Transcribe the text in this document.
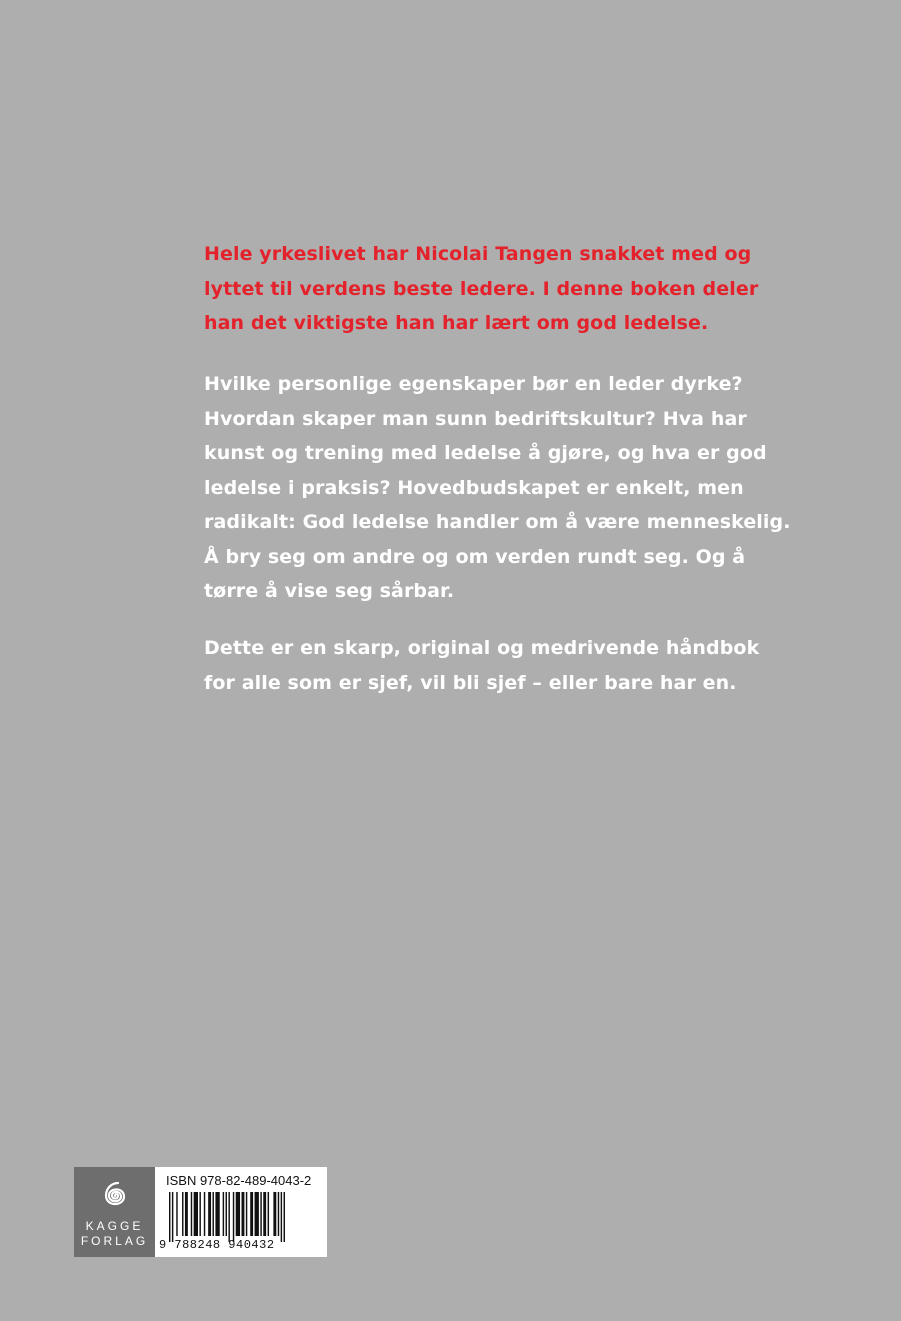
Hele yrkeslivet har Nicolai Tangen snakket med og
lyttet til verdens beste ledere. I denne boken deler
han det viktigste han har lært om god ledelse.

Hvilke personlige egenskaper bør en leder dyrke?
Hvordan skaper man sunn bedriftskultur? Hva har
kunst og trening med ledelse å gjøre, og hva er god
ledelse i praksis? Hovedbudskapet er enkelt, men
radikalt: God ledelse handler om å være menneskelig.
Å bry seg om andre og om verden rundt seg. Og å
tørre å vise seg sårbar.

Dette er en skarp, original og medrivende håndbok
for alle som er sjef, vil bli sjef – eller bare har en.

KAGGE
FORLAG
ISBN 978-82-489-4043-2
9 788248 940432
